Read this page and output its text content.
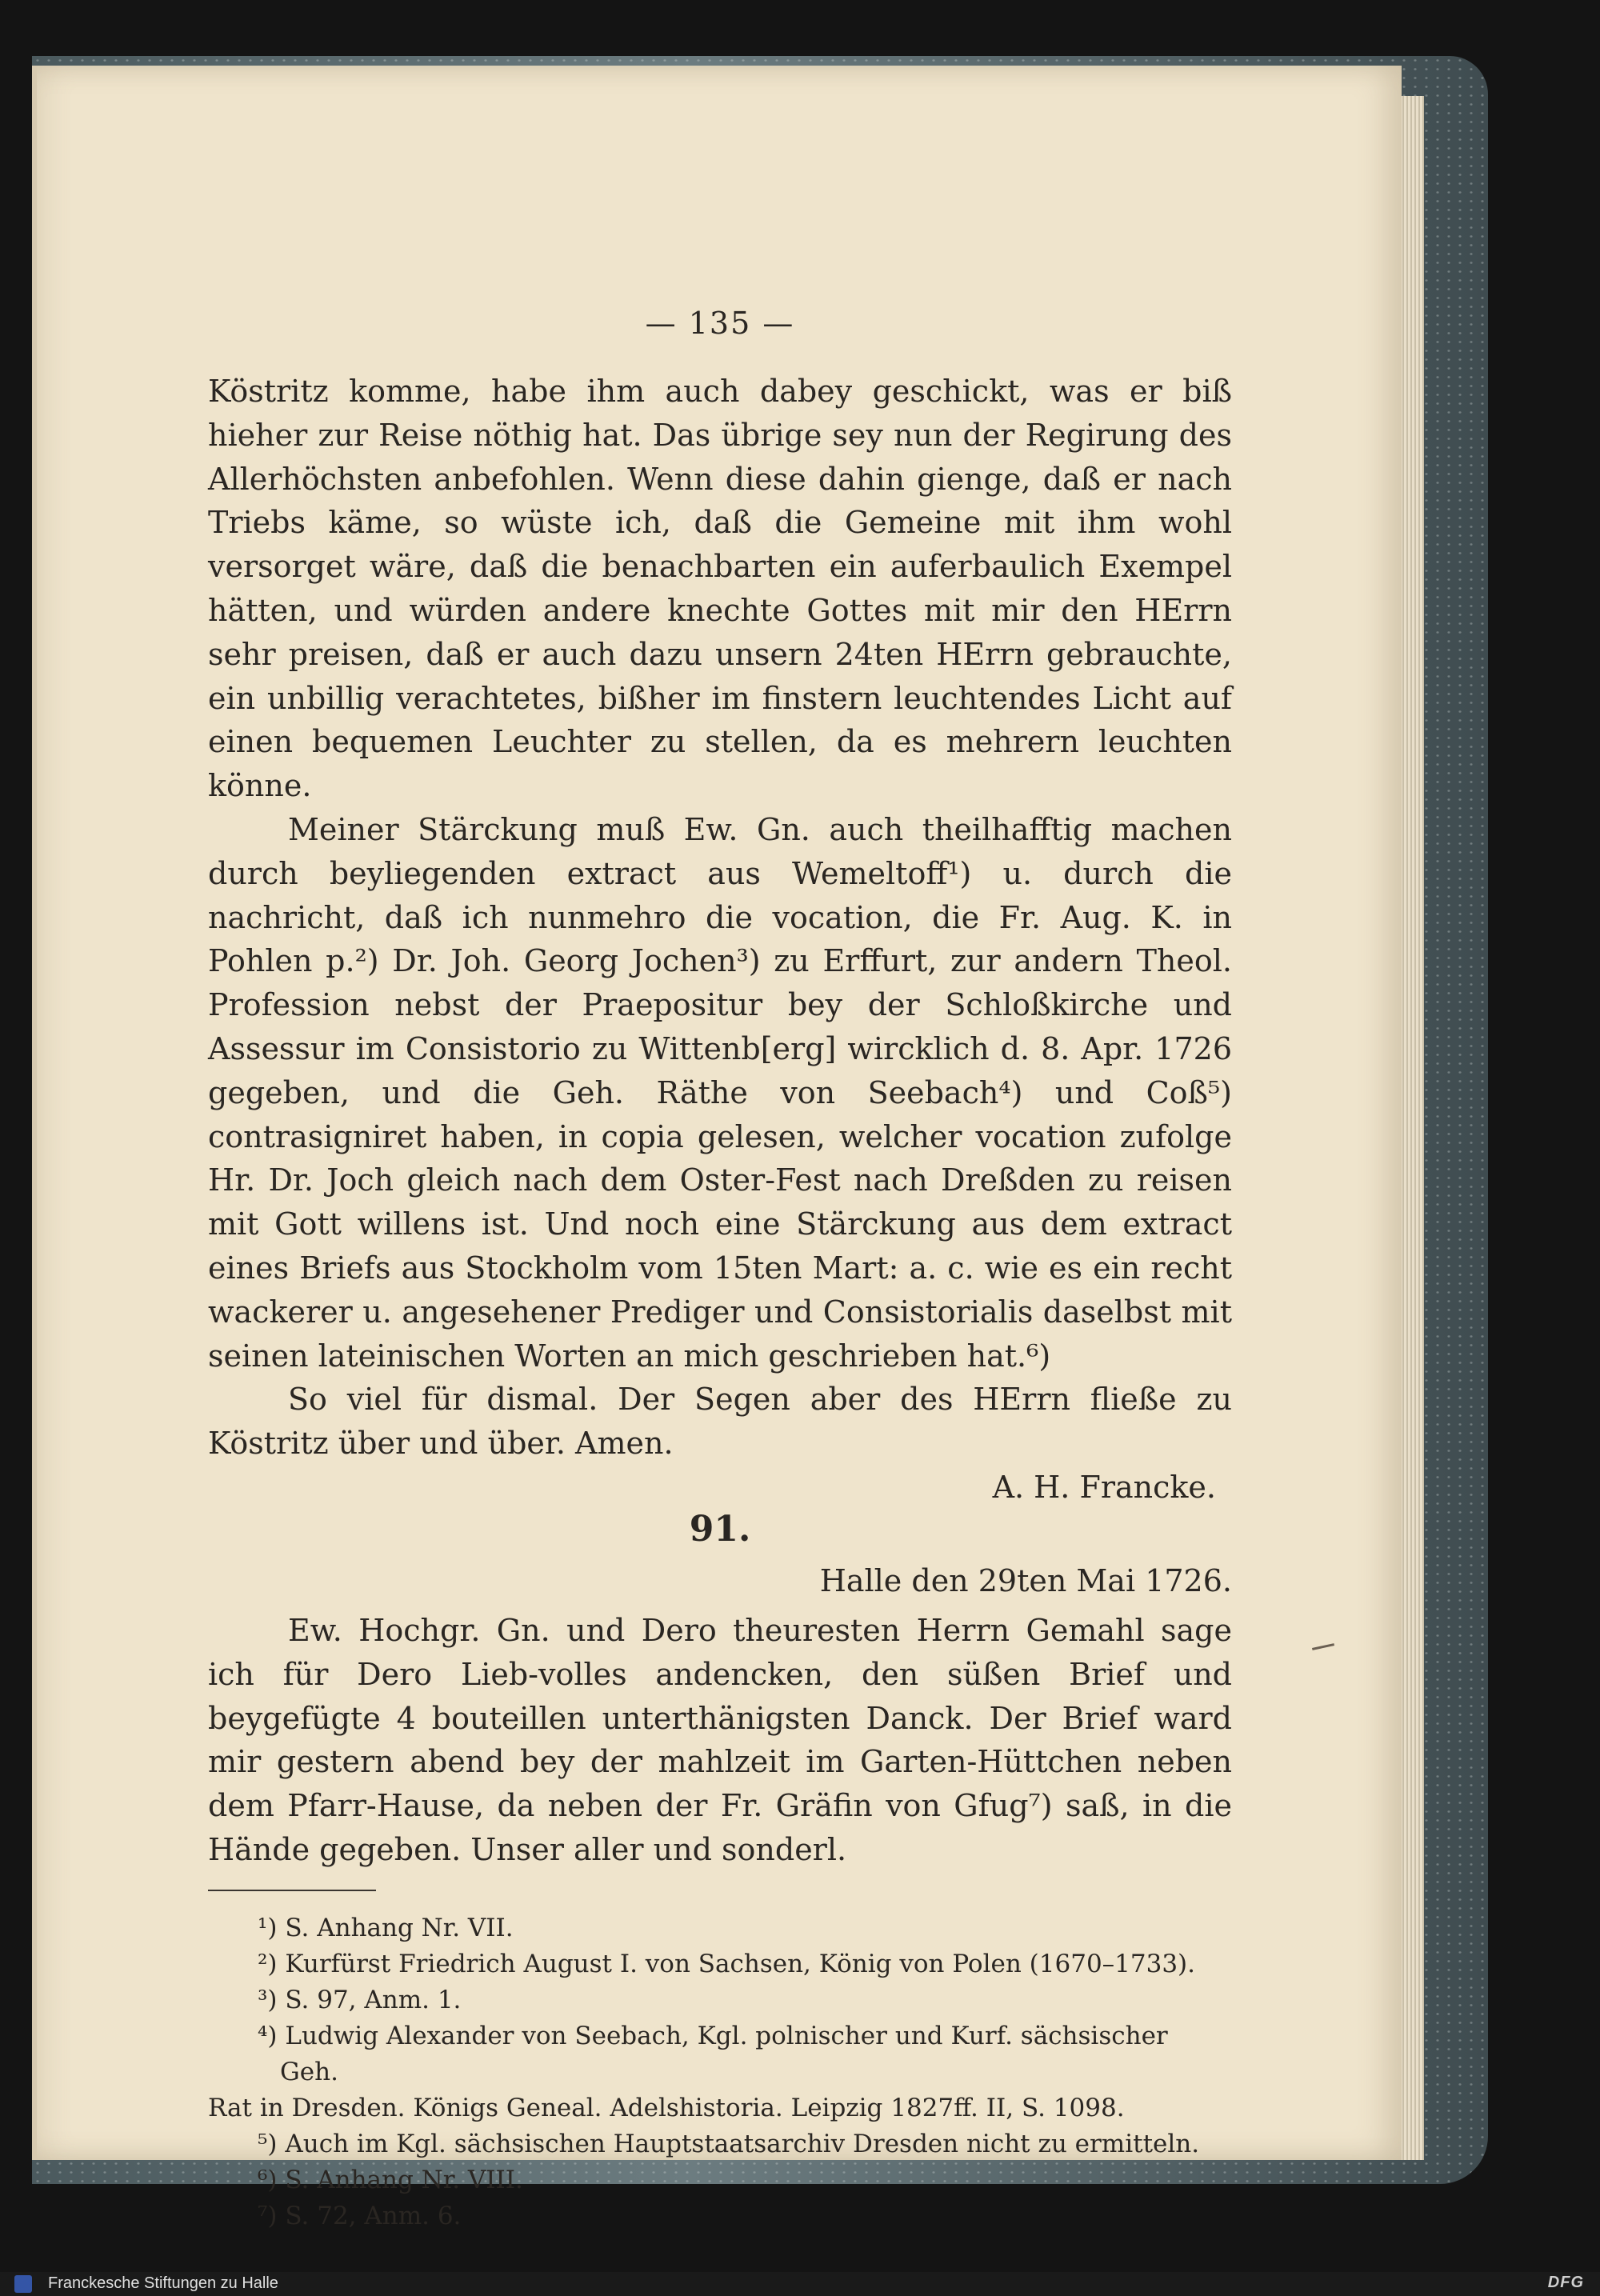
— 135 —

Köstritz komme, habe ihm auch dabey geschickt, was er biß hieher zur Reise nöthig hat. Das übrige sey nun der Regirung des Allerhöchsten anbefohlen. Wenn diese dahin gienge, daß er nach Triebs käme, so wüste ich, daß die Gemeine mit ihm wohl versorget wäre, daß die benachbarten ein auferbaulich Exempel hätten, und würden andere knechte Gottes mit mir den HErrn sehr preisen, daß er auch dazu unsern 24ten HErrn gebrauchte, ein unbillig verachtetes, bißher im finstern leuchtendes Licht auf einen bequemen Leuchter zu stellen, da es mehrern leuchten könne.

Meiner Stärckung muß Ew. Gn. auch theilhafftig machen durch beyliegenden extract aus Wemeltoff¹) u. durch die nachricht, daß ich nunmehro die vocation, die Fr. Aug. K. in Pohlen p.²) Dr. Joh. Georg Jochen³) zu Erffurt, zur andern Theol. Profession nebst der Praepositur bey der Schloßkirche und Assessur im Consistorio zu Wittenb[erg] wircklich d. 8. Apr. 1726 gegeben, und die Geh. Räthe von Seebach⁴) und Coß⁵) contrasigniret haben, in copia gelesen, welcher vocation zufolge Hr. Dr. Joch gleich nach dem Oster-Fest nach Dreßden zu reisen mit Gott willens ist. Und noch eine Stärckung aus dem extract eines Briefs aus Stockholm vom 15ten Mart: a. c. wie es ein recht wackerer u. angesehener Prediger und Consistorialis daselbst mit seinen lateinischen Worten an mich geschrieben hat.⁶)

So viel für dismal. Der Segen aber des HErrn fließe zu Köstritz über und über. Amen.

A. H. Francke.

91.

Halle den 29ten Mai 1726.

Ew. Hochgr. Gn. und Dero theuresten Herrn Gemahl sage ich für Dero Lieb-volles andencken, den süßen Brief und beygefügte 4 bouteillen unterthänigsten Danck. Der Brief ward mir gestern abend bey der mahlzeit im Garten-Hüttchen neben dem Pfarr-Hause, da neben der Fr. Gräfin von Gfug⁷) saß, in die Hände gegeben. Unser aller und sonderl.

¹) S. Anhang Nr. VII.

²) Kurfürst Friedrich August I. von Sachsen, König von Polen (1670–1733).

³) S. 97, Anm. 1.

⁴) Ludwig Alexander von Seebach, Kgl. polnischer und Kurf. sächsischer Geh.

Rat in Dresden. Königs Geneal. Adelshistoria. Leipzig 1827ff. II, S. 1098.

⁵) Auch im Kgl. sächsischen Hauptstaatsarchiv Dresden nicht zu ermitteln.

⁶) S. Anhang Nr. VIII.

⁷) S. 72, Anm. 6.

Franckesche Stiftungen zu Halle	DFG
